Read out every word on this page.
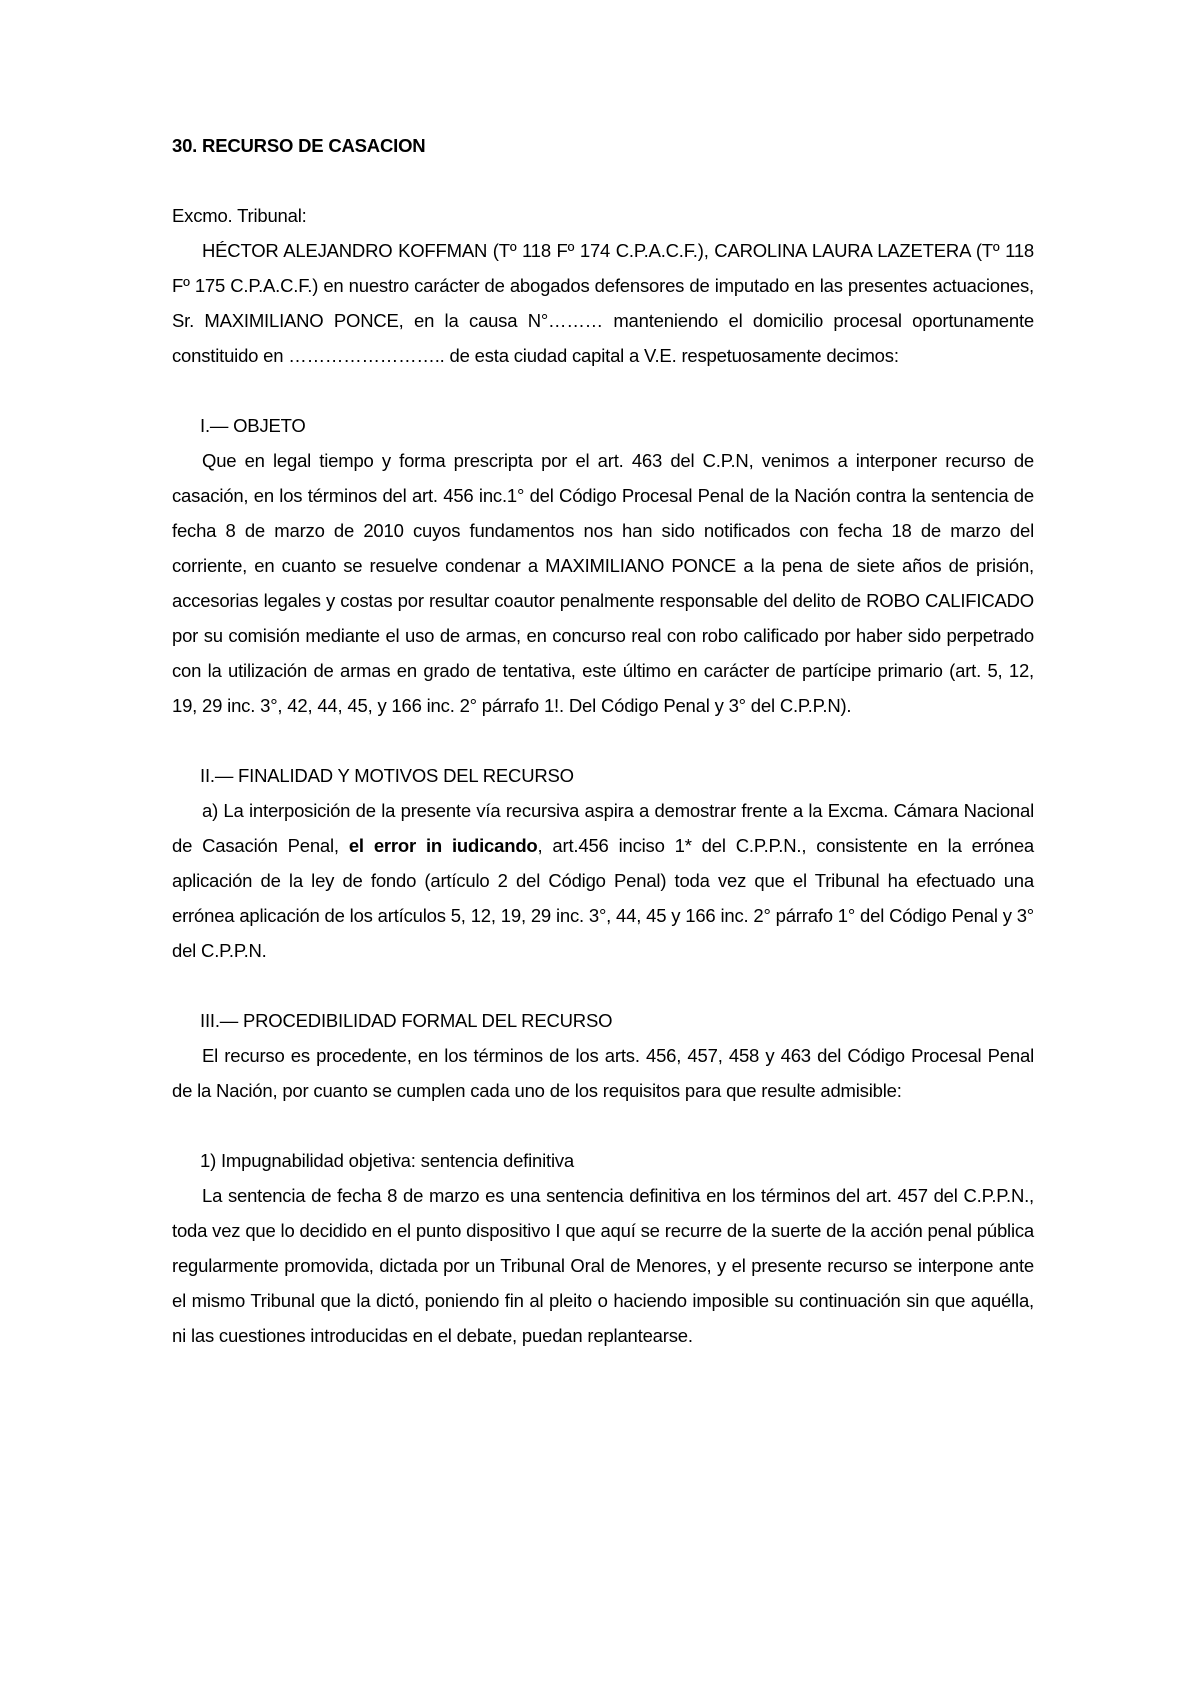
30. RECURSO DE CASACION

Excmo. Tribunal:

HÉCTOR ALEJANDRO KOFFMAN (Tº 118 Fº 174 C.P.A.C.F.), CAROLINA LAURA LAZETERA (Tº 118 Fº 175 C.P.A.C.F.) en nuestro carácter de abogados defensores de imputado en las presentes actuaciones, Sr. MAXIMILIANO PONCE, en la causa N°……… manteniendo el domicilio procesal oportunamente constituido en …………………….. de esta ciudad capital a V.E. respetuosamente decimos:

I.— OBJETO

Que en legal tiempo y forma prescripta por el art. 463 del C.P.N, venimos a interponer recurso de casación, en los términos del art. 456 inc.1° del Código Procesal Penal de la Nación contra la sentencia de fecha 8 de marzo de 2010 cuyos fundamentos nos han sido notificados con fecha 18 de marzo del corriente, en cuanto se resuelve condenar a MAXIMILIANO PONCE a la pena de siete años de prisión, accesorias legales y costas por resultar coautor penalmente responsable del delito de ROBO CALIFICADO por su comisión mediante el uso de armas, en concurso real con robo calificado por haber sido perpetrado con la utilización de armas en grado de tentativa, este último en carácter de partícipe primario (art. 5, 12, 19, 29 inc. 3°, 42, 44, 45, y 166 inc. 2° párrafo 1!. Del Código Penal y 3° del C.P.P.N).

II.— FINALIDAD Y MOTIVOS DEL RECURSO

a) La interposición de la presente vía recursiva aspira a demostrar frente a la Excma. Cámara Nacional de Casación Penal, el error in iudicando, art.456 inciso 1* del C.P.P.N., consistente en la errónea aplicación de la ley de fondo (artículo 2 del Código Penal) toda vez que el Tribunal ha efectuado una errónea aplicación de los artículos 5, 12, 19, 29 inc. 3°, 44, 45 y 166 inc. 2° párrafo 1° del Código Penal y 3° del C.P.P.N.

III.— PROCEDIBILIDAD FORMAL DEL RECURSO

El recurso es procedente, en los términos de los arts. 456, 457, 458 y 463 del Código Procesal Penal de la Nación, por cuanto se cumplen cada uno de los requisitos para que resulte admisible:

1) Impugnabilidad objetiva: sentencia definitiva

La sentencia de fecha 8 de marzo es una sentencia definitiva en los términos del art. 457 del C.P.P.N., toda vez que lo decidido en el punto dispositivo I que aquí se recurre de la suerte de la acción penal pública regularmente promovida, dictada por un Tribunal Oral de Menores, y el presente recurso se interpone ante el mismo Tribunal que la dictó, poniendo fin al pleito o haciendo imposible su continuación sin que aquélla, ni las cuestiones introducidas en el debate, puedan replantearse.
